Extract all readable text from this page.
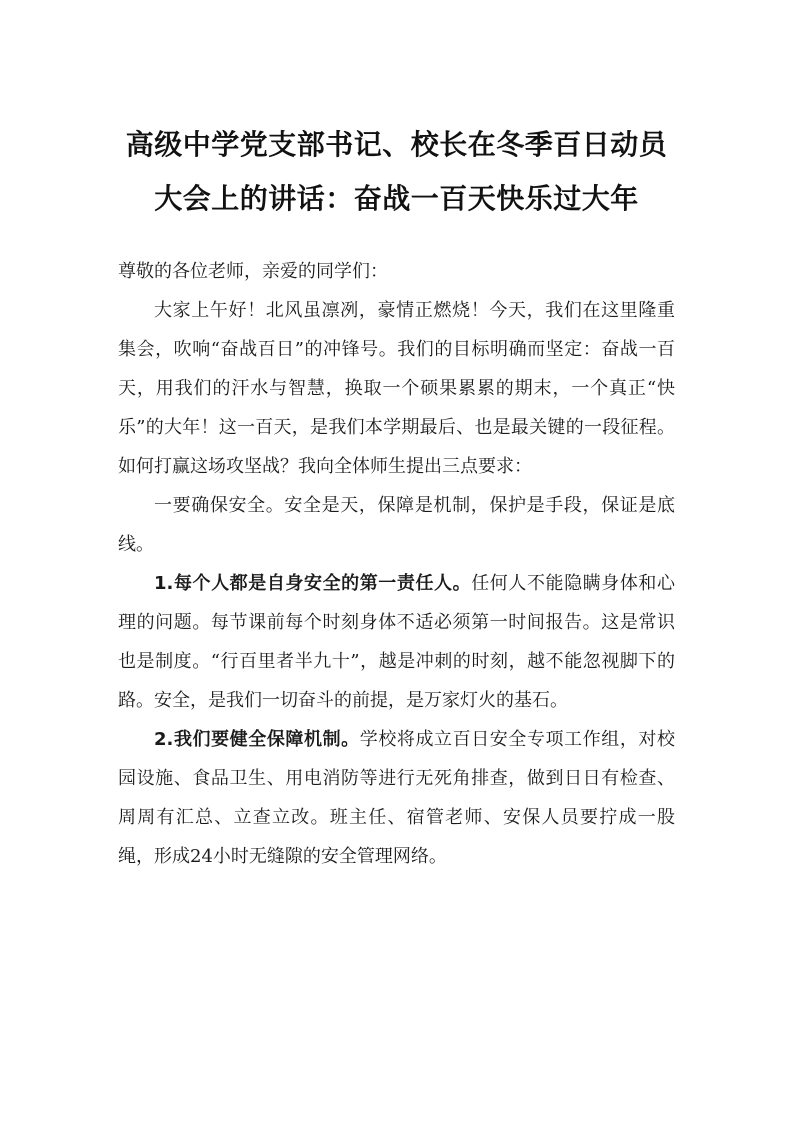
高级中学党支部书记、校长在冬季百日动员
大会上的讲话：奋战一百天快乐过大年

尊敬的各位老师，亲爱的同学们：

大家上午好！北风虽凛冽，豪情正燃烧！今天，我们在这里隆重集会，吹响“奋战百日”的冲锋号。我们的目标明确而坚定：奋战一百天，用我们的汗水与智慧，换取一个硕果累累的期末，一个真正“快乐”的大年！这一百天，是我们本学期最后、也是最关键的一段征程。如何打赢这场攻坚战？我向全体师生提出三点要求：

一要确保安全。安全是天，保障是机制，保护是手段，保证是底线。

1.每个人都是自身安全的第一责任人。任何人不能隐瞒身体和心理的问题。每节课前每个时刻身体不适必须第一时间报告。这是常识也是制度。“行百里者半九十”，越是冲刺的时刻，越不能忽视脚下的路。安全，是我们一切奋斗的前提，是万家灯火的基石。

2.我们要健全保障机制。学校将成立百日安全专项工作组，对校园设施、食品卫生、用电消防等进行无死角排查，做到日日有检查、周周有汇总、立查立改。班主任、宿管老师、安保人员要拧成一股绳，形成24小时无缝隙的安全管理网络。
